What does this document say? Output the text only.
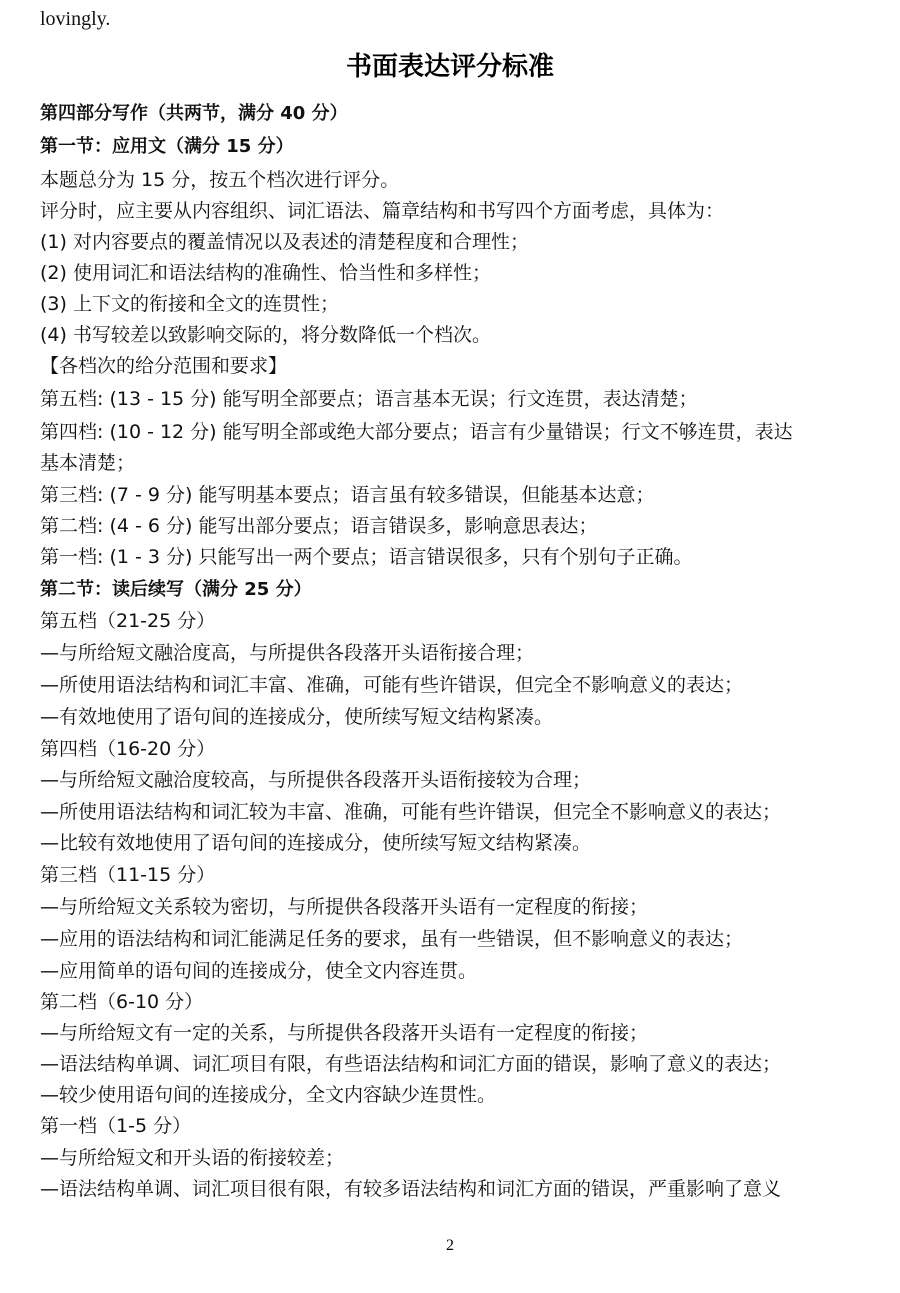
lovingly.
书面表达评分标准
第四部分写作（共两节，满分 40 分）
第一节：应用文（满分 15 分）
本题总分为 15 分，按五个档次进行评分。
评分时，应主要从内容组织、词汇语法、篇章结构和书写四个方面考虑，具体为：
(1) 对内容要点的覆盖情况以及表述的清楚程度和合理性；
(2) 使用词汇和语法结构的准确性、恰当性和多样性；
(3) 上下文的衔接和全文的连贯性；
(4) 书写较差以致影响交际的，将分数降低一个档次。
【各档次的给分范围和要求】
第五档: (13 - 15 分) 能写明全部要点；语言基本无误；行文连贯，表达清楚；
第四档: (10 - 12 分) 能写明全部或绝大部分要点；语言有少量错误；行文不够连贯，表达
基本清楚；
第三档: (7 - 9 分) 能写明基本要点；语言虽有较多错误，但能基本达意；
第二档: (4 - 6 分) 能写出部分要点；语言错误多，影响意思表达；
第一档: (1 - 3 分) 只能写出一两个要点；语言错误很多，只有个别句子正确。
第二节：读后续写（满分 25 分）
第五档（21-25 分）
—与所给短文融洽度高，与所提供各段落开头语衔接合理；
—所使用语法结构和词汇丰富、准确，可能有些许错误，但完全不影响意义的表达；
—有效地使用了语句间的连接成分，使所续写短文结构紧凑。
第四档（16-20 分）
—与所给短文融洽度较高，与所提供各段落开头语衔接较为合理；
—所使用语法结构和词汇较为丰富、准确，可能有些许错误，但完全不影响意义的表达；
—比较有效地使用了语句间的连接成分，使所续写短文结构紧凑。
第三档（11-15 分）
—与所给短文关系较为密切，与所提供各段落开头语有一定程度的衔接；
—应用的语法结构和词汇能满足任务的要求，虽有一些错误，但不影响意义的表达；
—应用简单的语句间的连接成分，使全文内容连贯。
第二档（6-10 分）
—与所给短文有一定的关系，与所提供各段落开头语有一定程度的衔接；
—语法结构单调、词汇项目有限，有些语法结构和词汇方面的错误，影响了意义的表达；
—较少使用语句间的连接成分，全文内容缺少连贯性。
第一档（1-5 分）
—与所给短文和开头语的衔接较差；
—语法结构单调、词汇项目很有限，有较多语法结构和词汇方面的错误，严重影响了意义
2
